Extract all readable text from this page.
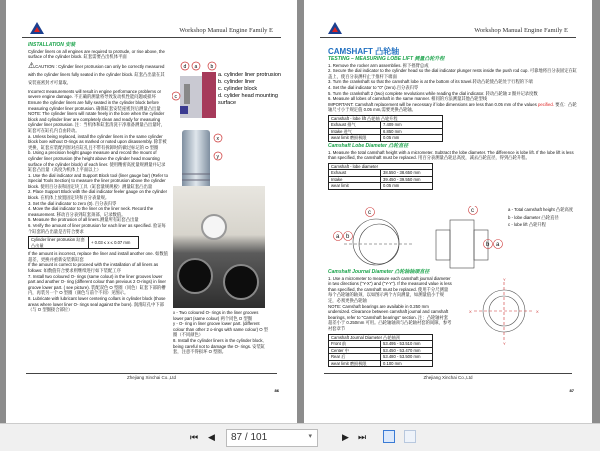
Workshop Manual Engine Family E
INSTALLATION 安装

Cylinder liners on all engines are required to protrude, or rise above, the surface of the cylinder block. 缸套需要凸出机体平面

⚠CAUTION : Cylinder liner protrusion can only be correctly measured with the cylinder liners fully seated in the cylinder block. 缸套凸出量在其安装座密封才可量取。

Incorrect measurements will result in engine performance problems or severe engine damage. 不正确的测量将导致发动机性能问题或损坏

Ensure the cylinder liners are fully seated in the cylinder block before measuring cylinder liner protrusion. 确保缸套安装座密封后测量凸出量

NOTE: The cylinder liners will rotate freely in the bore when the cylinder block and cylinder liner are completely clean and ready for measuring cylinder liner protrusion. 注：当机体和缸套清洗干净准备测量凸出量时，缸套可在缸孔内自由转动。

a. Unless being replaced, install the cylinder liners in the same cylinder block bore without O-rings as marked or noted upon disassembly. 除非被更换，缸套应装配到原对应缸孔且不带有拆卸时的做过标记的 O 型圈

b. Using a precision height gauge measure and record the mount of cylinder liner protrusion (the height above the cylinder head mounting surface of the cylinder block) of each liner. 使用精密高度量规测量并记录缸套凸出量（高度为机体上平面以上）

1. Use the dial indicator and Support Block tool (liner gauge bar) (Refer to Special Tools Section) to measure the liner protrusion above the cylinder block. 使用百分表和固定块工具（缸套量规规板）测量缸套凸出量

2. Place Support Block with the dial indicator feeler gauge on the cylinder block. 在机体上放置固定块和百分表量规。

3. Set the dial indicator to zero (0). 百分表归零

4. Move the dial indicator to the liner on the liner neck. Record the measurement. 移动百分表到缸套颈部，记录数值。

5. Measure the protrusion of all liners.测量所有缸套凸出量

6. Verify the amount of liner protrusion for each liner as specified. 验证每个缸套的凸出量是否符合要求

Cylinder liner protrusion 缸套凸出量	+ 0.03 ≤ x ≤ 0.07 mm

If the amount is incorrect, replace the liner and install another one. 如数值超差，更换并重新安装新缸套

If the amount is correct to proceed with the installation of all liners as follows: 如数值符合要求则继续进行如下装配工序

7. Install two coloured O- rings (same colour) in the liner grooves lower part and another O- ring (different colour than previous 2 O-rings) in liner groove lower part. ( see picture). 装配双色 O 型圈（同色）缸套下部的槽内，再装另一个 O 型圈（颜色与前个不同）见图示。

8. Lubricate with lubricant lower centering collars in cylinder block (those areas where lower liner O- rings seal against the bore). 润滑缸孔中下部（与 O 型圈接合部位）

d a	b
c
a. cylinder liner protrusion
b. cylinder liner
c. cylinder block
d. cylider head mounting surface
x
y

x - Two coloured O- rings in the liner grooves lower part (same colour) 两个同色 O 型圈

y - O- ring in liner groove lower part. (different colour than other 2 o-rings with same colour) O 型圈（不同颜色）

8. Install the cylinder liners in the cylinder block, being careful not to damage the O- rings. 安装缸套，注意不得损坏 O 型圈。

Zhejiang Xinchai Co.,Ltd
86
Workshop Manual Engine Family E
CAMSHAFT 凸轮轴
TESTING – MEASURING LOBE LIFT 测量凸轮升程

1. Remove the rocker arm assemblies. 拆下摇臂总成

2. Secure the dial indicator to the cylinder head so the dial indicator plunger rests inside the push rod cup. 可靠地将百分表固定在缸盖上，使百分表测杆止于推杆下端面

3. Turn the crankshaft so that the camshaft lobe is at the bottom of its travel.转动凸轮使凸轮处于行程的下端

4. Set the dial indicator to "0" (zero).百分表归零

5. Turn the crankshaft 2 (two) complete revolutions while reading the dial indicator. 转动凸轮轴 2 圈并记录度数

6. Measure all lobes of camshaft in the same manner. 相同的方法测量其他凸轮型线

IMPORTANT: Camshaft replacement will be necessary if lobe dimensions are less than 0.05 mm of the values pecified. 要点：凸轮轴尺寸小于规定值 0.05 mm,需要更换凸轮轴。

Camshaft - lobe lift 凸轮轴 凸轮升程	
Exhaust 排气	7.409 mm
Intake 进气	6.850 mm
wear limit 磨损极限	0.05 mm
Camshaft Lobe Diameter 凸轮直径

1. Measure the total camshaft height with a micrometer. Subtract the lobe diameter. The difference is lobe lift. If the lobe lift is less than specified, the camshaft must be replaced. 用百分表测量凸轮总高度，减去凸轮直径，得到凸轮升程。

Camshaft - lobe diameter	
Exhaust	38.550 - 38.650 mm
Intake	39.450 - 39.550 mm
wear limit	0.05 mm
c
a b
c
b a
a - Total camshaft height 凸轮高度
b - lobe diameter 凸轮直径
c - lobe lift 凸轮升程
Camshaft Journal Diameter 凸轮轴轴颈直径

1. Use a micrometer to measure each camshaft journal diameter in two directions ("Y-X") and ("Y-Y"). If the measured value is less than specified, the camshaft must be replaced. 使用千分尺测量每个凸轮轴的轴颈，以如图示两个方向测量，如测量值小于规定，必须更换凸轮轴

NOTE: Camshaft bearings are available in 0.250 mm undersized. Clearance between camshaft journal and camshaft bearings, refer to "Camshaft bearings" section. 注：凸轮轴衬套超差小于 0.250mm 可用。凸轮轴轴颈与凸轮轴衬套的间隙，参考衬套章节

Camshaft Journal Diameter 凸轮轴颈	
Front 前	53.495 - 53.510 mm
Center 中	53.450 - 53.470 mm
Rear 后	53.480 - 53.500 mm
wear limit 磨损极限	0.100 mm
Y
X	X
Y
Zhejiang Xinchai Co.,Ltd
87
⏮ ◀	87 / 101	▾	▶ ⏭
